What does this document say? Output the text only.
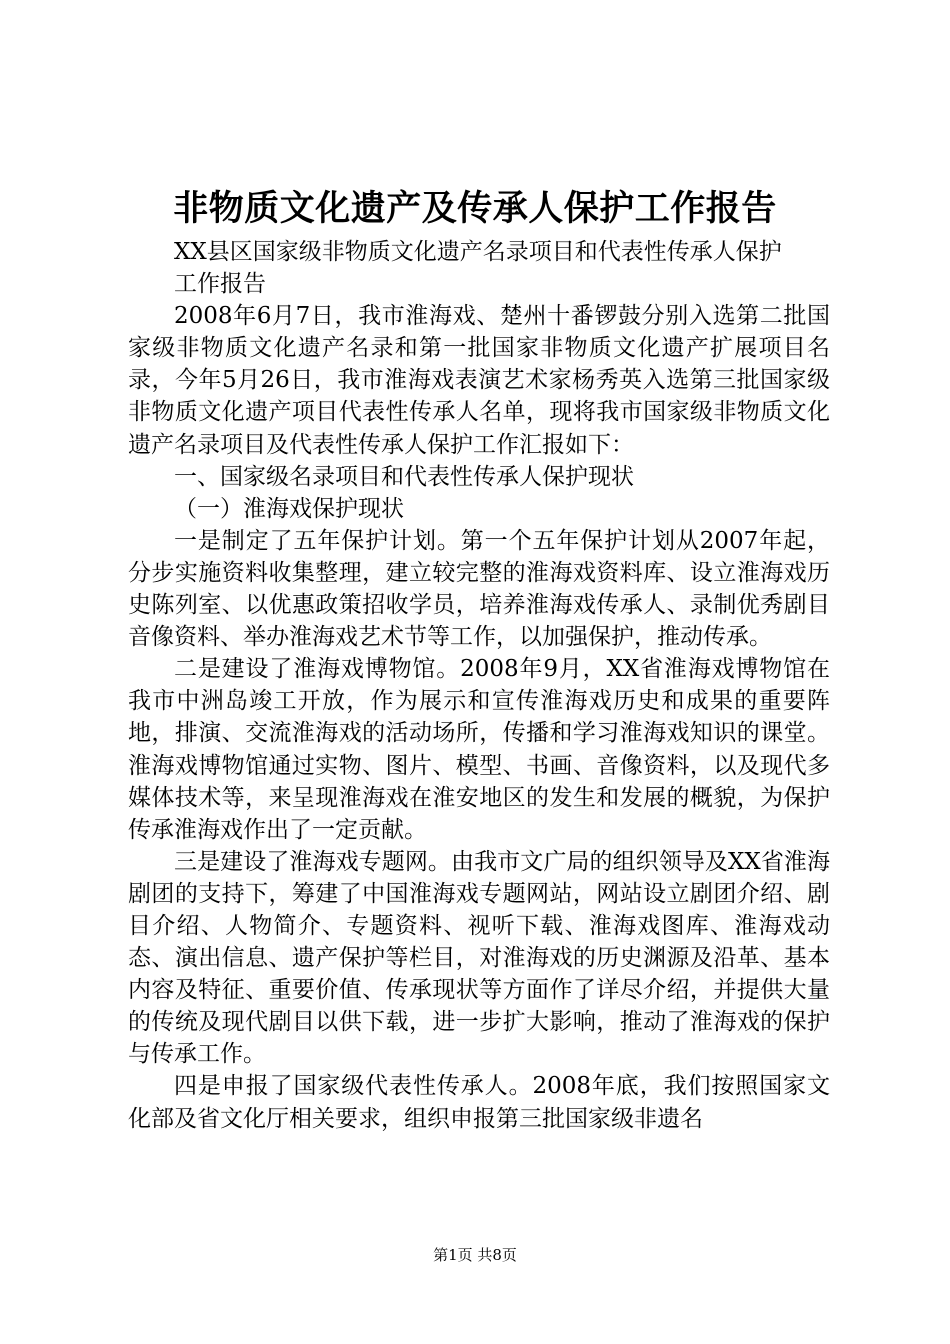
非物质文化遗产及传承人保护工作报告

XX县区国家级非物质文化遗产名录项目和代表性传承人保护

工作报告

2008年6月7日，我市淮海戏、楚州十番锣鼓分别入选第二批国家级非物质文化遗产名录和第一批国家非物质文化遗产扩展项目名录，今年5月26日，我市淮海戏表演艺术家杨秀英入选第三批国家级非物质文化遗产项目代表性传承人名单，现将我市国家级非物质文化遗产名录项目及代表性传承人保护工作汇报如下：

一、国家级名录项目和代表性传承人保护现状

（一）淮海戏保护现状

一是制定了五年保护计划。第一个五年保护计划从2007年起，分步实施资料收集整理，建立较完整的淮海戏资料库、设立淮海戏历史陈列室、以优惠政策招收学员，培养淮海戏传承人、录制优秀剧目音像资料、举办淮海戏艺术节等工作，以加强保护，推动传承。

二是建设了淮海戏博物馆。2008年9月，XX省淮海戏博物馆在我市中洲岛竣工开放，作为展示和宣传淮海戏历史和成果的重要阵地，排演、交流淮海戏的活动场所，传播和学习淮海戏知识的课堂。淮海戏博物馆通过实物、图片、模型、书画、音像资料，以及现代多媒体技术等，来呈现淮海戏在淮安地区的发生和发展的概貌，为保护传承淮海戏作出了一定贡献。

三是建设了淮海戏专题网。由我市文广局的组织领导及XX省淮海剧团的支持下，筹建了中国淮海戏专题网站，网站设立剧团介绍、剧目介绍、人物简介、专题资料、视听下载、淮海戏图库、淮海戏动态、演出信息、遗产保护等栏目，对淮海戏的历史渊源及沿革、基本内容及特征、重要价值、传承现状等方面作了详尽介绍，并提供大量的传统及现代剧目以供下载，进一步扩大影响，推动了淮海戏的保护与传承工作。

四是申报了国家级代表性传承人。2008年底，我们按照国家文化部及省文化厅相关要求，组织申报第三批国家级非遗名

第1页 共8页
